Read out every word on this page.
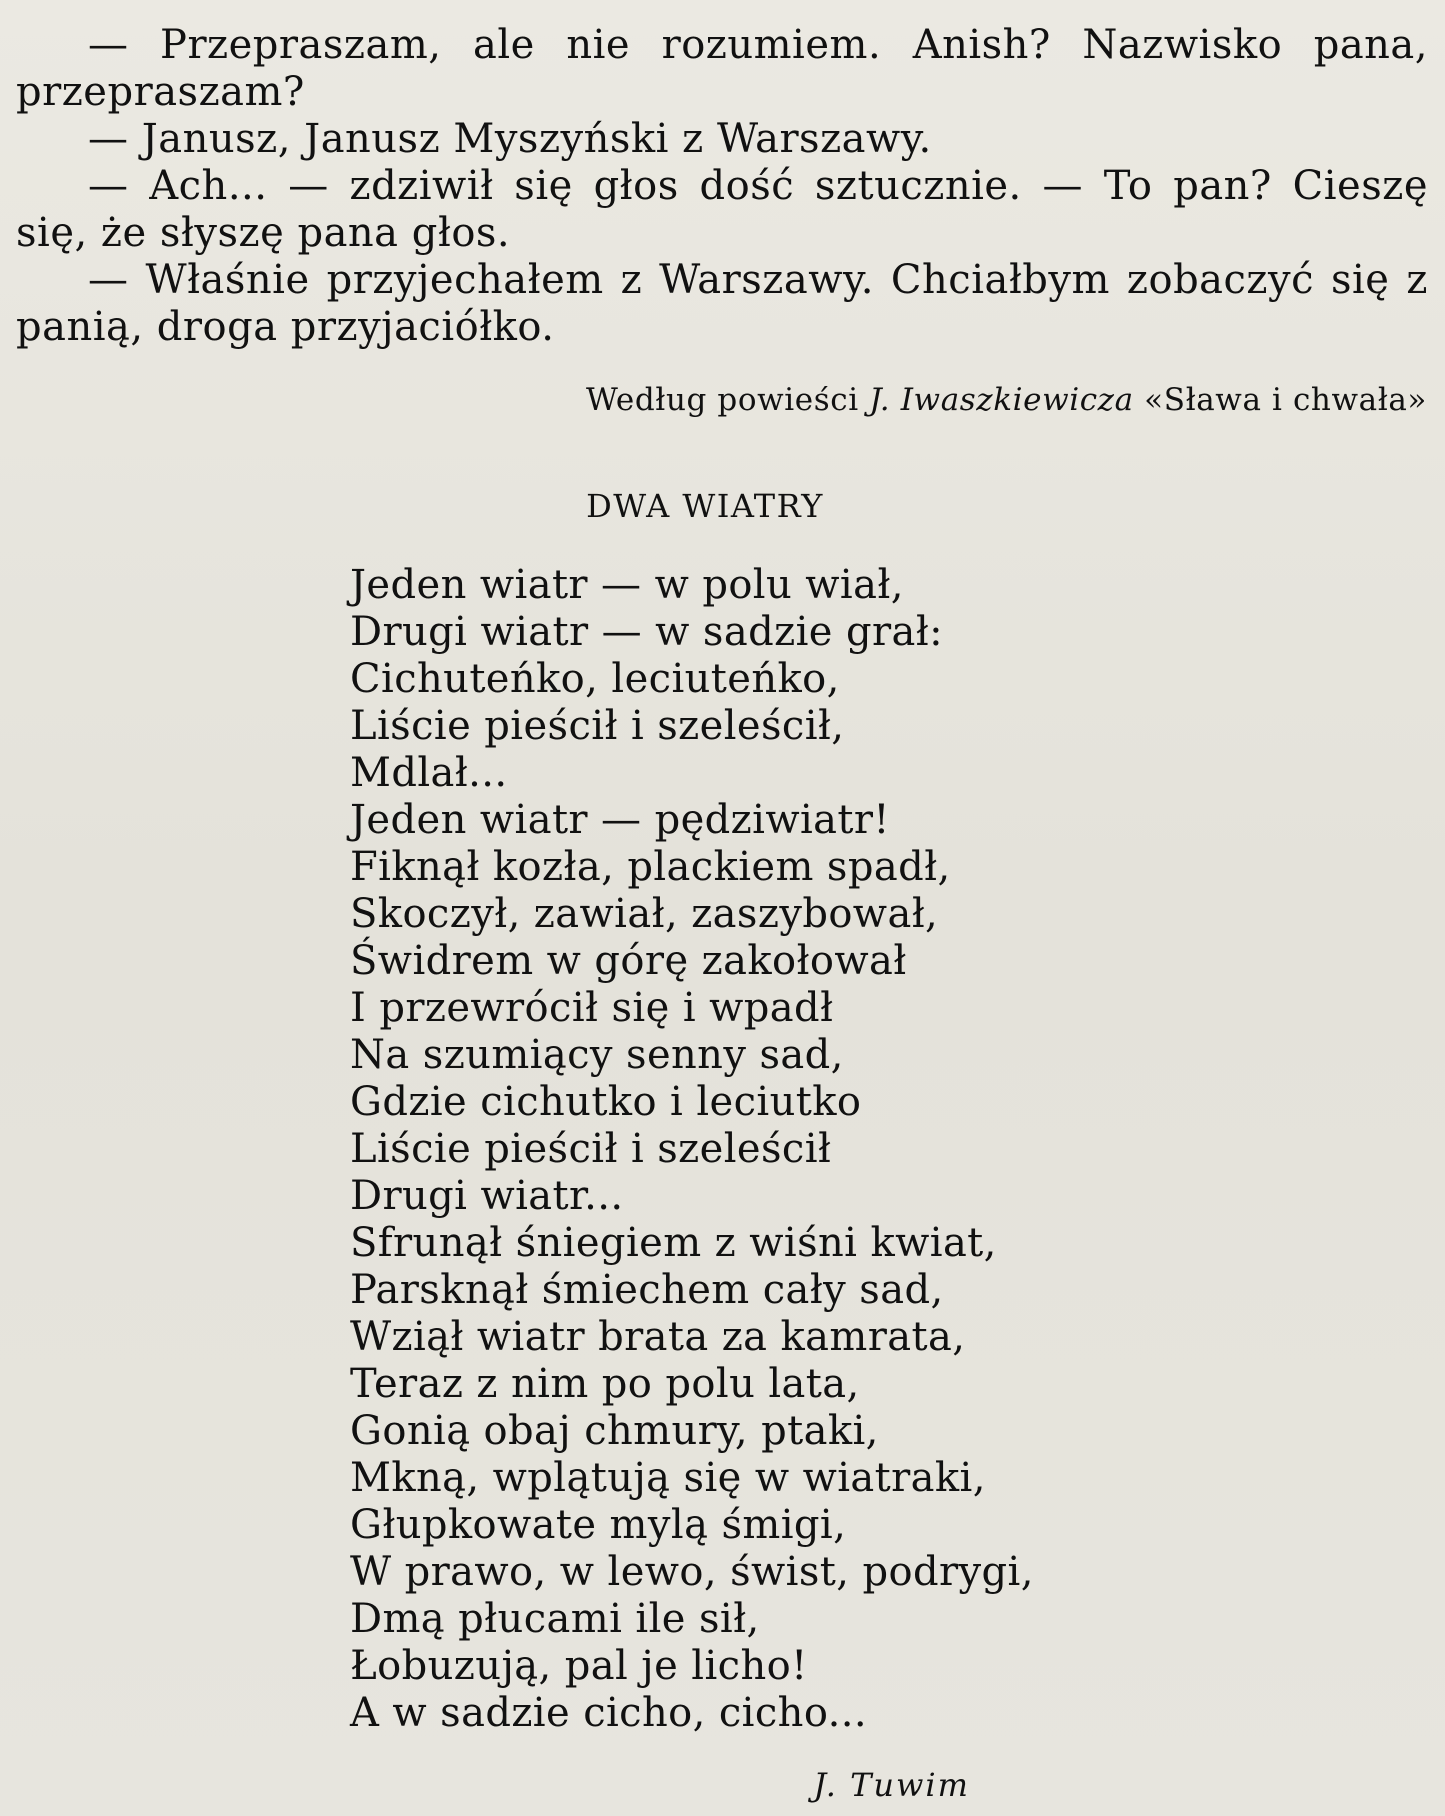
— Przepraszam, ale nie rozumiem. Anish? Nazwisko pana, przepraszam?

— Janusz, Janusz Myszyński z Warszawy.

— Ach... — zdziwił się głos dość sztucznie. — To pan? Cieszę się, że słyszę pana głos.

— Właśnie przyjechałem z Warszawy. Chciałbym zobaczyć się z panią, droga przyjaciółko.

Według powieści J. Iwaszkiewicza «Sława i chwała»
DWA WIATRY
Jeden wiatr — w polu wiał,
Drugi wiatr — w sadzie grał:
Cichuteńko, leciuteńko,
Liście pieścił i szeleścił,
Mdlał...
Jeden wiatr — pędziwiatr!
Fiknął kozła, plackiem spadł,
Skoczył, zawiał, zaszybował,
Świdrem w górę zakołował
I przewrócił się i wpadł
Na szumiący senny sad,
Gdzie cichutko i leciutko
Liście pieścił i szeleścił
Drugi wiatr...
Sfrunął śniegiem z wiśni kwiat,
Parsknął śmiechem cały sad,
Wziął wiatr brata za kamrata,
Teraz z nim po polu lata,
Gonią obaj chmury, ptaki,
Mkną, wplątują się w wiatraki,
Głupkowate mylą śmigi,
W prawo, w lewo, świst, podrygi,
Dmą płucami ile sił,
Łobuzują, pal je licho!
A w sadzie cicho, cicho...
J. Tuwim
